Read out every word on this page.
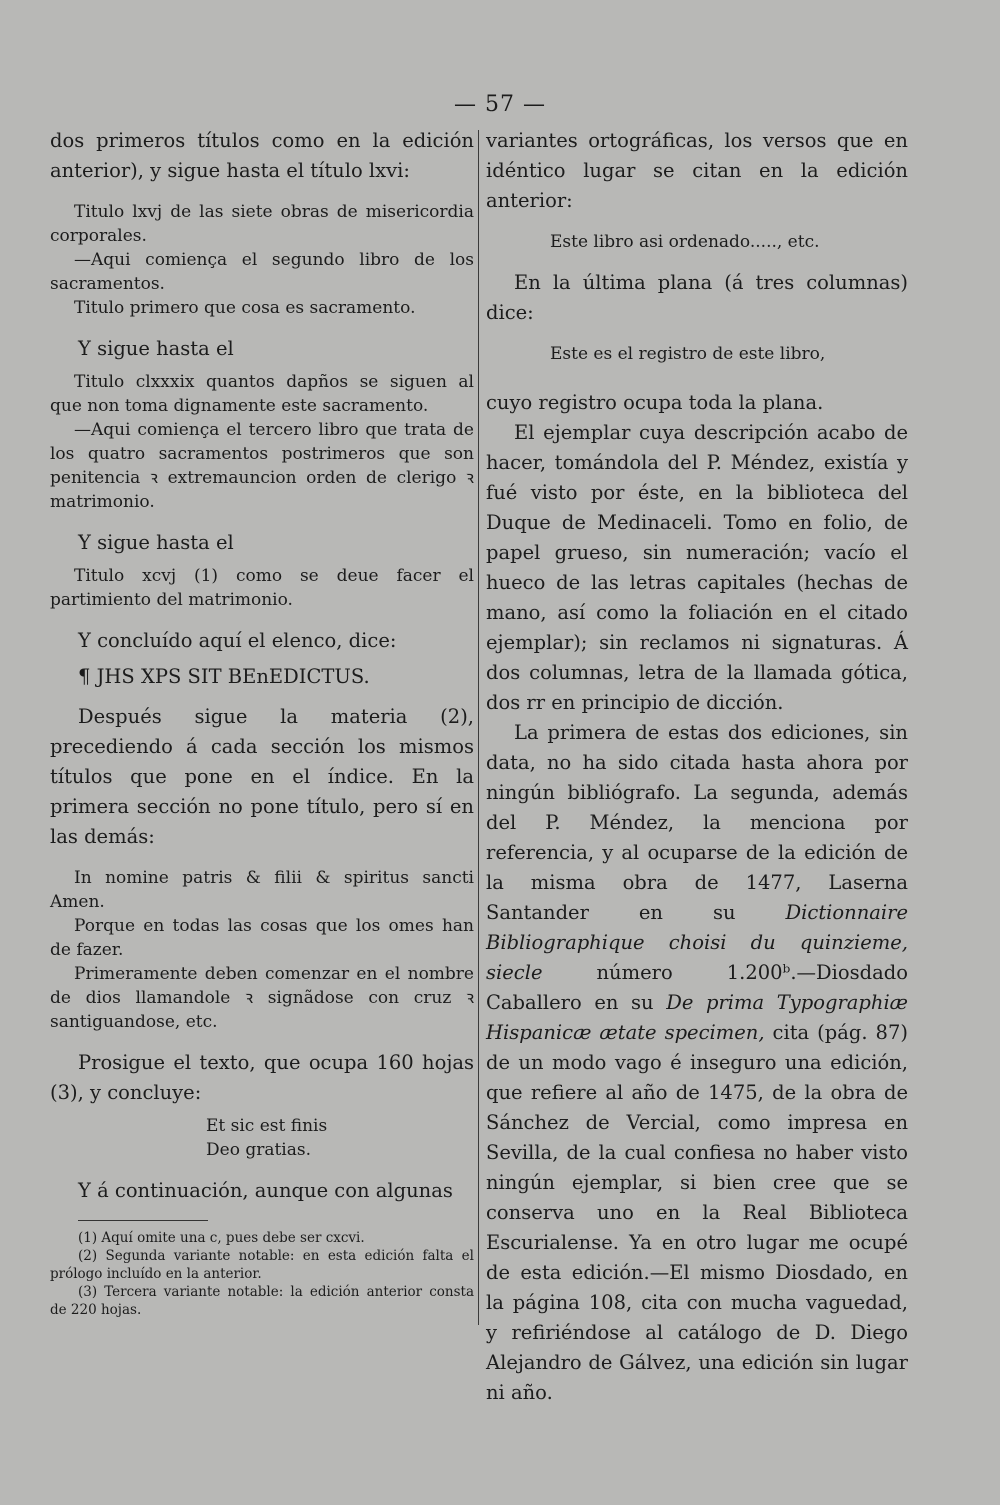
— 57 —

dos primeros títulos como en la edición anterior), y sigue hasta el título lxvi:

Titulo lxvj de las siete obras de misericordia corporales.

—Aqui comiença el segundo libro de los sacramentos.

Titulo primero que cosa es sacramento.

Y sigue hasta el

Titulo clxxxix quantos dapños se siguen al que non toma dignamente este sacramento.

—Aqui comiença el tercero libro que trata de los quatro sacramentos postrimeros que son penitencia ꝛ extremauncion orden de clerigo ꝛ matrimonio.

Y sigue hasta el

Titulo xcvj (1) como se deue facer el partimiento del matrimonio.

Y concluído aquí el elenco, dice:

¶ JHS XPS SIT BEnEDICTUS.

Después sigue la materia (2), precediendo á cada sección los mismos títulos que pone en el índice. En la primera sección no pone título, pero sí en las demás:

In nomine patris & filii & spiritus sancti Amen.

Porque en todas las cosas que los omes han de fazer.

Primeramente deben comenzar en el nombre de dios llamandole ꝛ signãdose con cruz ꝛ santiguandose, etc.

Prosigue el texto, que ocupa 160 hojas (3), y concluye:

Et sic est finis

Deo gratias.

Y á continuación, aunque con algunas

(1) Aquí omite una c, pues debe ser cxcvi.

(2) Segunda variante notable: en esta edición falta el prólogo incluído en la anterior.

(3) Tercera variante notable: la edición anterior consta de 220 hojas.

variantes ortográficas, los versos que en idéntico lugar se citan en la edición anterior:

Este libro asi ordenado....., etc.

En la última plana (á tres columnas) dice:

Este es el registro de este libro,

cuyo registro ocupa toda la plana.

El ejemplar cuya descripción acabo de hacer, tomándola del P. Méndez, existía y fué visto por éste, en la biblioteca del Duque de Medinaceli. Tomo en folio, de papel grueso, sin numeración; vacío el hueco de las letras capitales (hechas de mano, así como la foliación en el citado ejemplar); sin reclamos ni signaturas. Á dos columnas, letra de la llamada gótica, dos rr en principio de dicción.

La primera de estas dos ediciones, sin data, no ha sido citada hasta ahora por ningún bibliógrafo. La segunda, además del P. Méndez, la menciona por referencia, y al ocuparse de la edición de la misma obra de 1477, Laserna Santander en su	Dictionnaire Bibliographique choisi du quinzieme, siecle	número 1.200ᵇ.—Diosdado Caballero en su De prima Typographiæ Hispanicæ ætate specimen, cita (pág. 87) de un modo vago é inseguro una edición, que refiere al año de 1475, de la obra de Sánchez de Vercial, como impresa en Sevilla, de la cual confiesa no haber visto ningún ejemplar, si bien cree que se conserva uno en la Real Biblioteca Escurialense. Ya en otro lugar me ocupé de esta edición.—El mismo Diosdado, en la página 108, cita con mucha vaguedad, y refiriéndose al catálogo de D. Diego Alejandro de Gálvez, una edición sin lugar ni año.
